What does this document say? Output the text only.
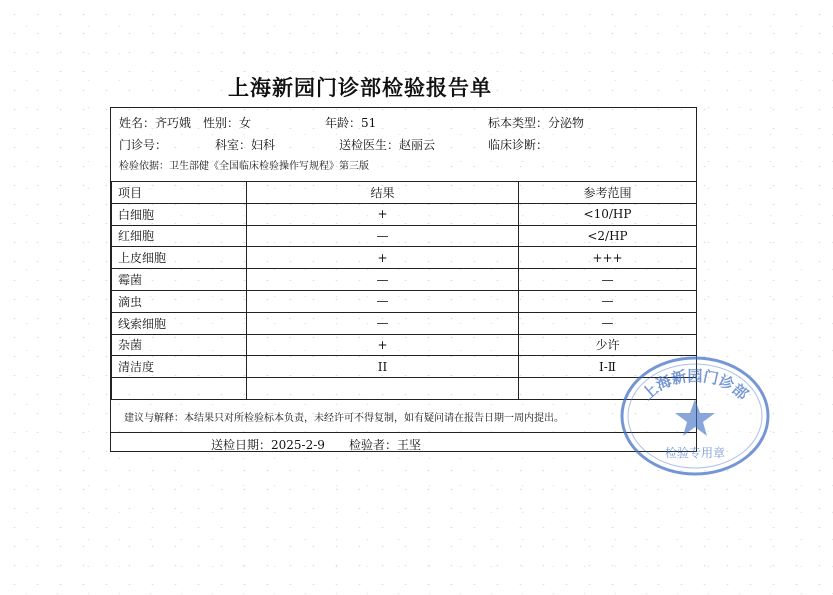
上海新园门诊部检验报告单
姓名：齐巧娥 性别：女	年龄：51	标本类型：分泌物
门诊号：	科室：妇科	送检医生：赵丽云	临床诊断：
检验依据：卫生部健《全国临床检验操作写规程》第三版
项目	结果	参考范围
白细胞	+	<10/HP
红细胞	—	<2/HP
上皮细胞	+	+++
霉菌	—	—
滴虫	—	—
线索细胞	—	—
杂菌	+	少许
清洁度	II	I-Ⅱ

建议与解释：本结果只对所检验标本负责，未经许可不得复制，如有疑问请在报告日期一周内提出。
送检日期：2025-2-9 检验者：王坚
上海新园门诊部
检验专用章
